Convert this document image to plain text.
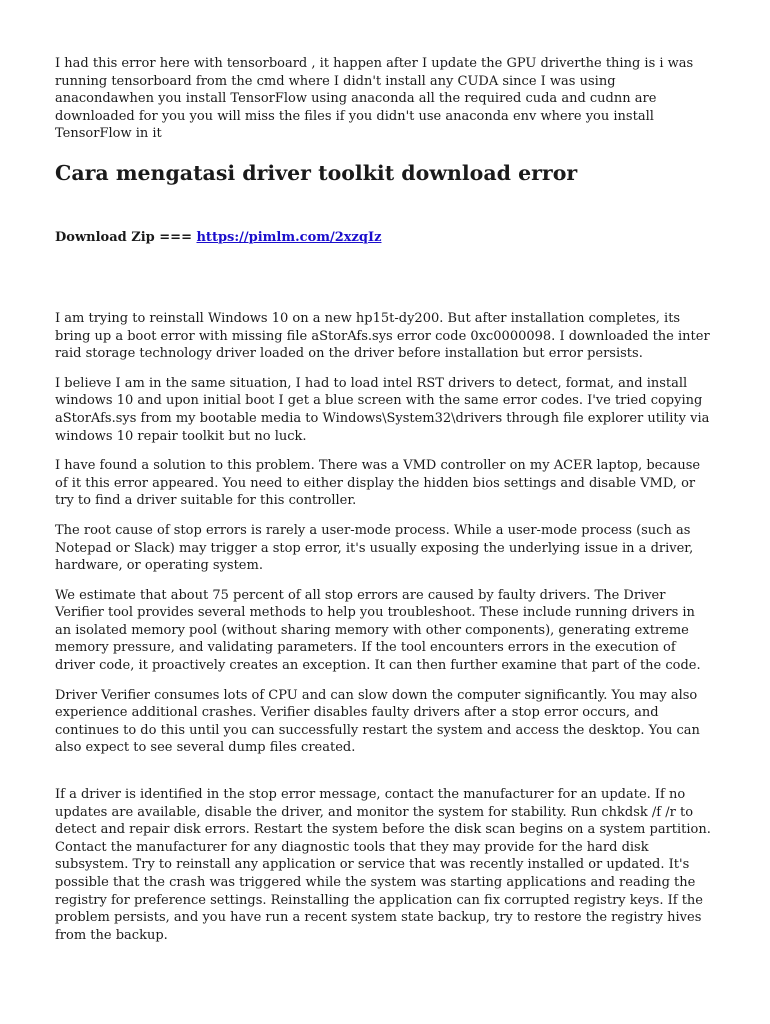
I had this error here with tensorboard , it happen after I update the GPU driverthe thing is i was running tensorboard from the cmd where I didn't install any CUDA since I was using anacondawhen you install TensorFlow using anaconda all the required cuda and cudnn are downloaded for you you will miss the files if you didn't use anaconda env where you install TensorFlow in it

Cara mengatasi driver toolkit download error
Download Zip === https://pimlm.com/2xzqIz

I am trying to reinstall Windows 10 on a new hp15t-dy200. But after installation completes, its bring up a boot error with missing file aStorAfs.sys error code 0xc0000098. I downloaded the inter raid storage technology driver loaded on the driver before installation but error persists.

I believe I am in the same situation, I had to load intel RST drivers to detect, format, and install windows 10 and upon initial boot I get a blue screen with the same error codes. I've tried copying aStorAfs.sys from my bootable media to Windows\System32\drivers through file explorer utility via windows 10 repair toolkit but no luck.

I have found a solution to this problem. There was a VMD controller on my ACER laptop, because of it this error appeared. You need to either display the hidden bios settings and disable VMD, or try to find a driver suitable for this controller.

The root cause of stop errors is rarely a user-mode process. While a user-mode process (such as Notepad or Slack) may trigger a stop error, it's usually exposing the underlying issue in a driver, hardware, or operating system.

We estimate that about 75 percent of all stop errors are caused by faulty drivers. The Driver Verifier tool provides several methods to help you troubleshoot. These include running drivers in an isolated memory pool (without sharing memory with other components), generating extreme memory pressure, and validating parameters. If the tool encounters errors in the execution of driver code, it proactively creates an exception. It can then further examine that part of the code.

Driver Verifier consumes lots of CPU and can slow down the computer significantly. You may also experience additional crashes. Verifier disables faulty drivers after a stop error occurs, and continues to do this until you can successfully restart the system and access the desktop. You can also expect to see several dump files created.

If a driver is identified in the stop error message, contact the manufacturer for an update. If no updates are available, disable the driver, and monitor the system for stability. Run chkdsk /f /r to detect and repair disk errors. Restart the system before the disk scan begins on a system partition. Contact the manufacturer for any diagnostic tools that they may provide for the hard disk subsystem. Try to reinstall any application or service that was recently installed or updated. It's possible that the crash was triggered while the system was starting applications and reading the registry for preference settings. Reinstalling the application can fix corrupted registry keys. If the problem persists, and you have run a recent system state backup, try to restore the registry hives from the backup.
